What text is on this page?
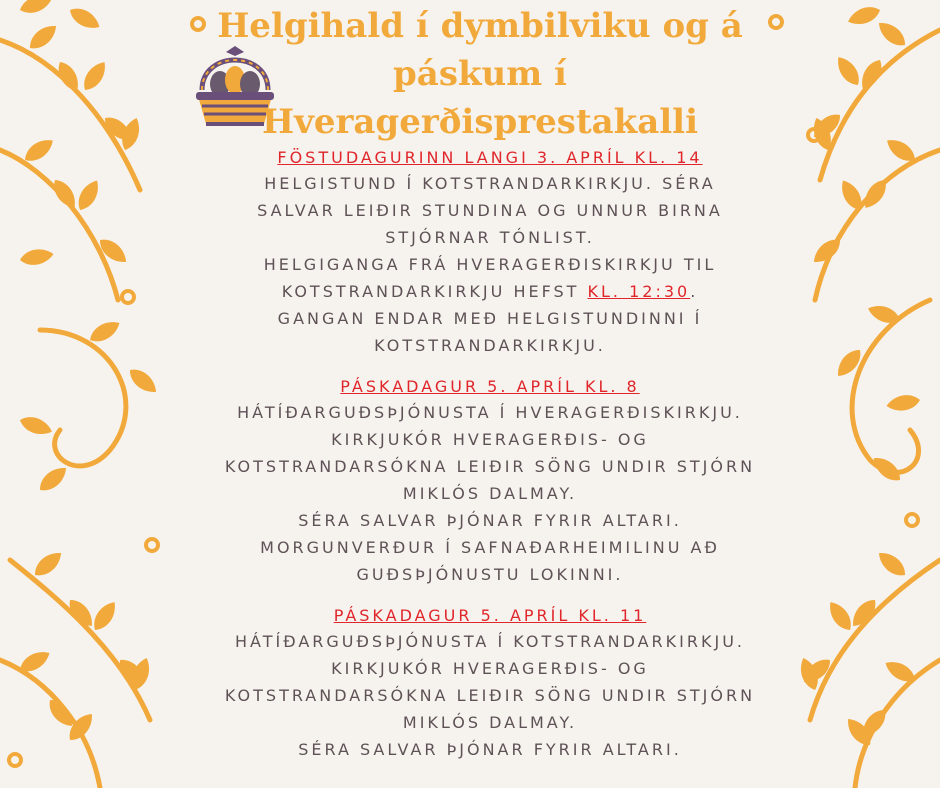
Helgihald í dymbilviku og á
páskum í
Hveragerðisprestakalli
FÖSTUDAGURINN LANGI 3. APRÍL KL. 14
HELGISTUND Í KOTSTRANDARKIRKJU. SÉRA
SALVAR LEIÐIR STUNDINA OG UNNUR BIRNA
STJÓRNAR TÓNLIST.
HELGIGANGA FRÁ HVERAGERÐISKIRKJU TIL
KOTSTRANDARKIRKJU HEFST KL. 12:30.
GANGAN ENDAR MEÐ HELGISTUNDINNI Í
KOTSTRANDARKIRKJU.
PÁSKADAGUR 5. APRÍL KL. 8
HÁTÍÐARGUÐSÞJÓNUSTA Í HVERAGERÐISKIRKJU.
KIRKJUKÓR HVERAGERÐIS- OG
KOTSTRANDARSÓKNA LEIÐIR SÖNG UNDIR STJÓRN
MIKLÓS DALMAY.
SÉRA SALVAR ÞJÓNAR FYRIR ALTARI.
MORGUNVERÐUR Í SAFNAÐARHEIMILINU AÐ
GUÐSÞJÓNUSTU LOKINNI.
PÁSKADAGUR 5. APRÍL KL. 11
HÁTÍÐARGUÐSÞJÓNUSTA Í KOTSTRANDARKIRKJU.
KIRKJUKÓR HVERAGERÐIS- OG
KOTSTRANDARSÓKNA LEIÐIR SÖNG UNDIR STJÓRN
MIKLÓS DALMAY.
SÉRA SALVAR ÞJÓNAR FYRIR ALTARI.
